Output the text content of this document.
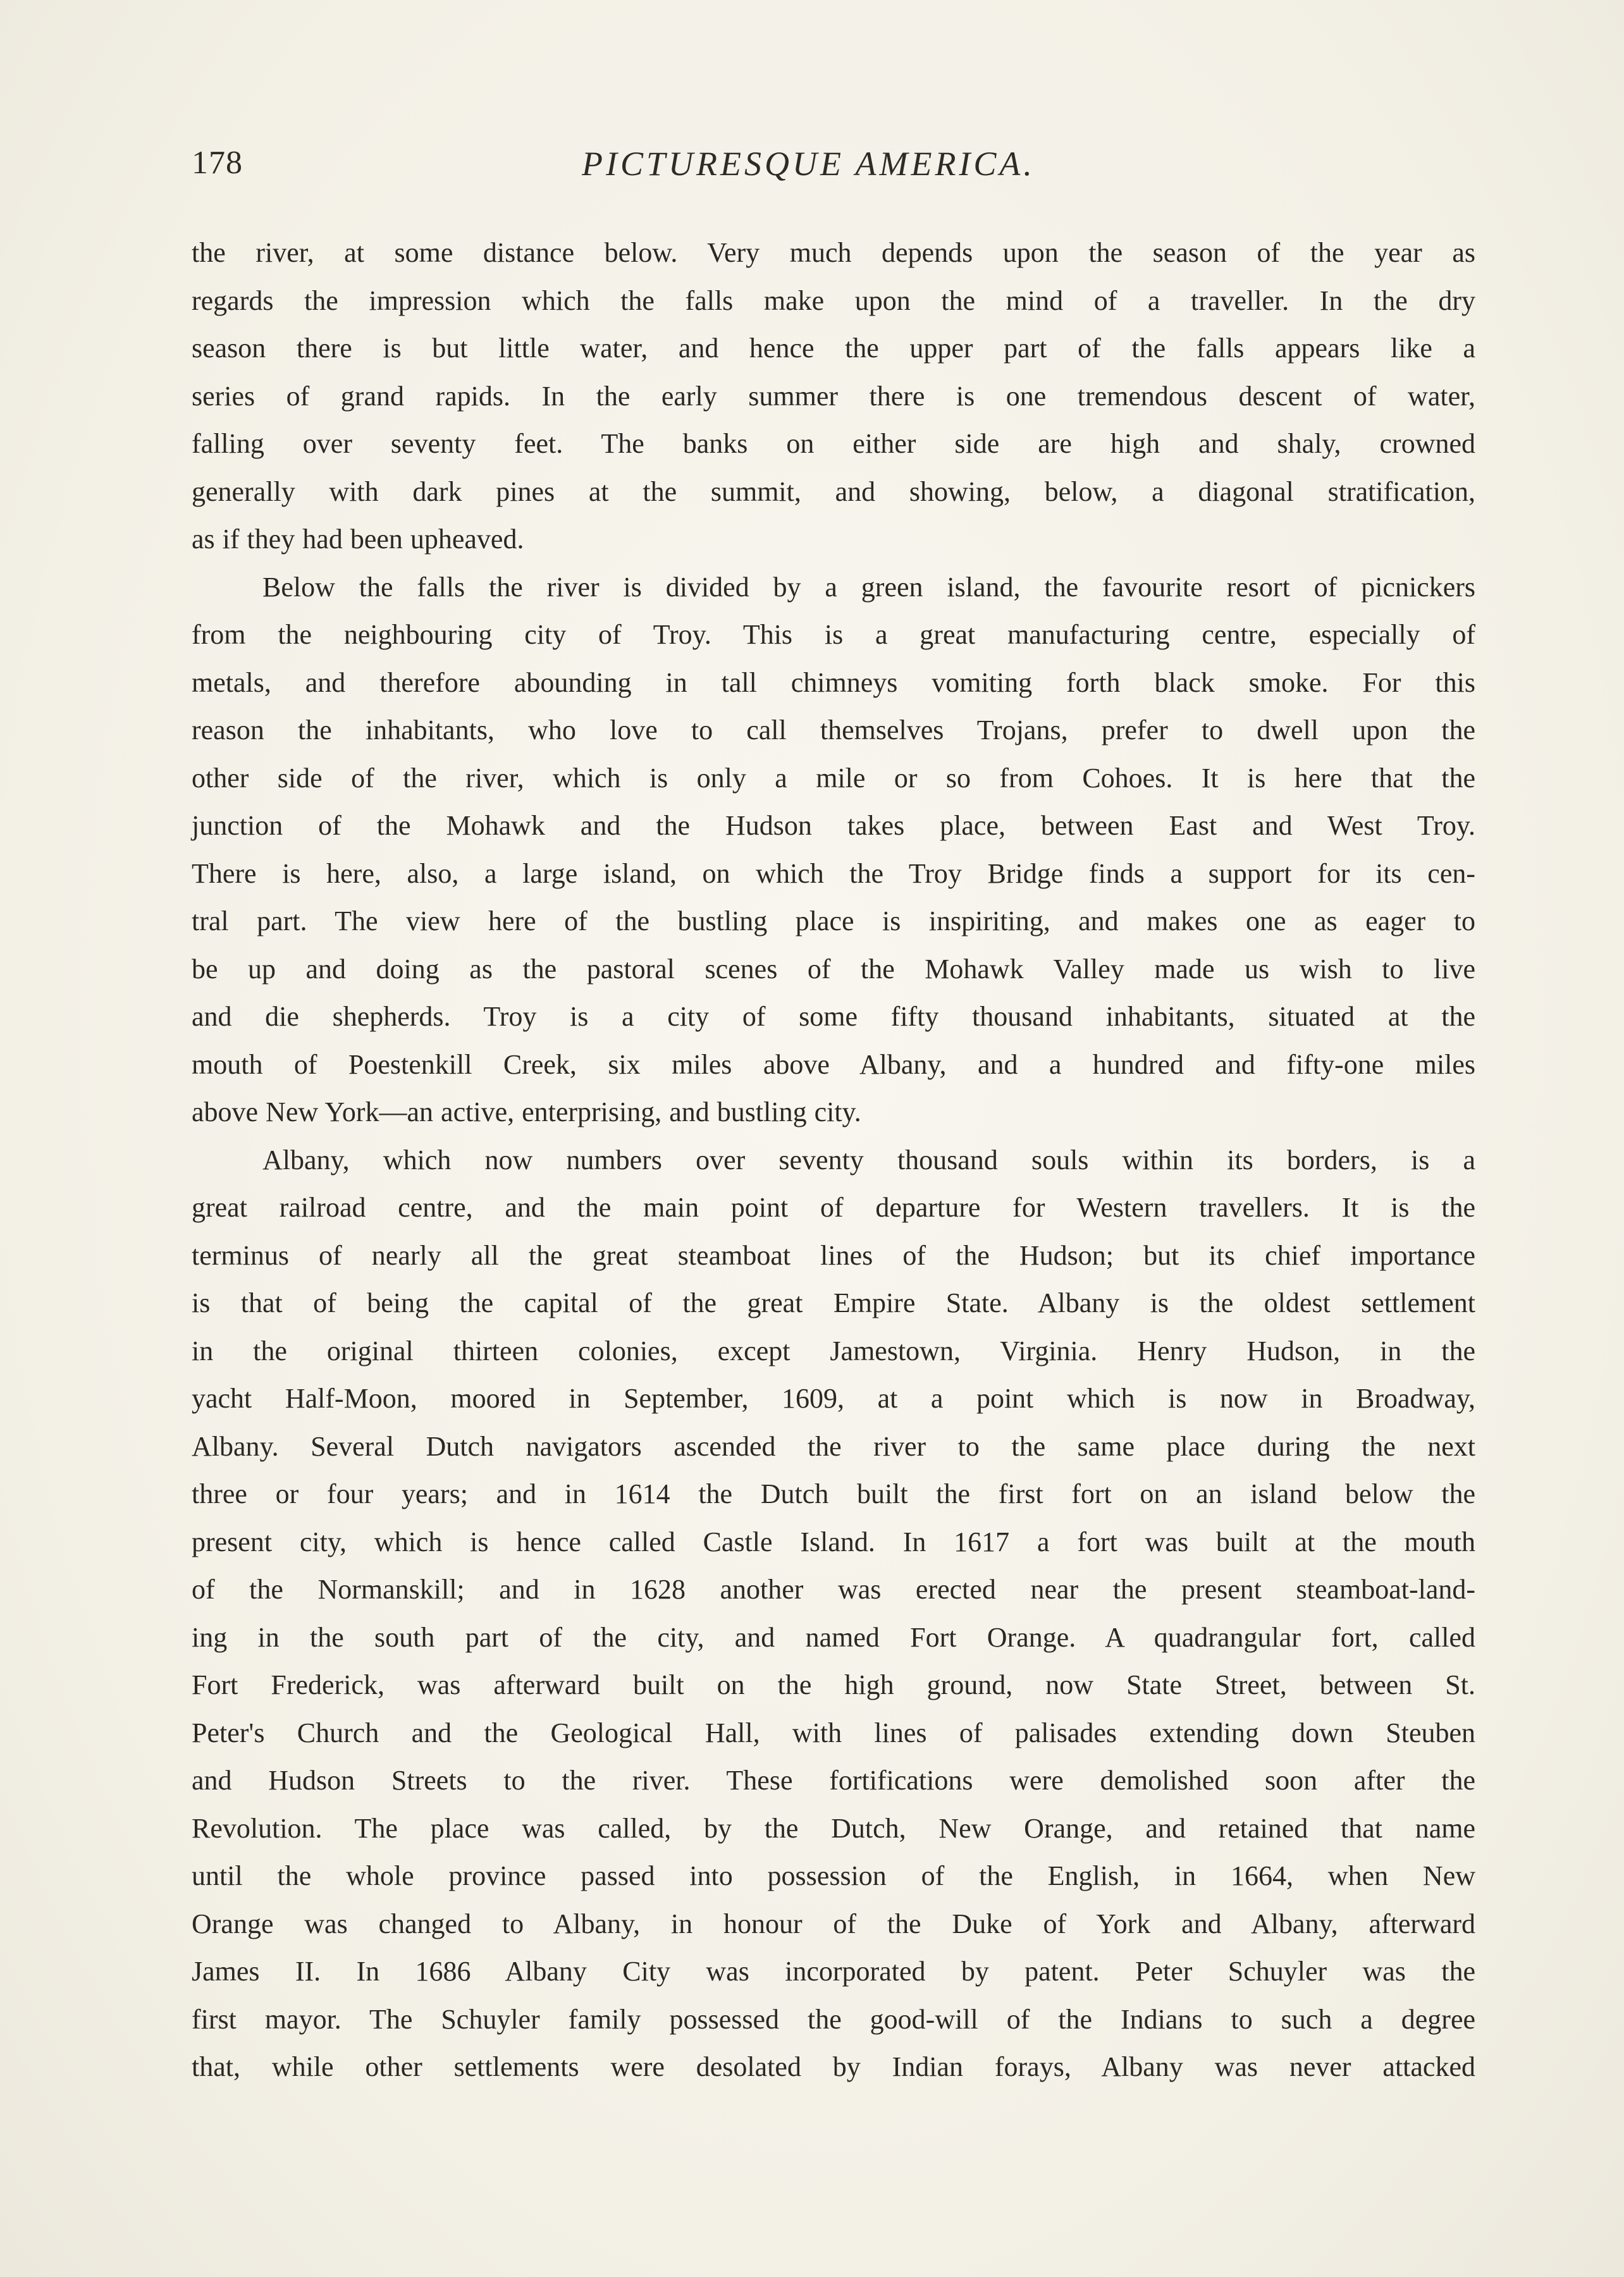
178	PICTURESQUE AMERICA.
the river, at some distance below. Very much depends upon the season of the year as
regards the impression which the falls make upon the mind of a traveller. In the dry
season there is but little water, and hence the upper part of the falls appears like a
series of grand rapids. In the early summer there is one tremendous descent of water,
falling over seventy feet. The banks on either side are high and shaly, crowned
generally with dark pines at the summit, and showing, below, a diagonal stratification,
as if they had been upheaved.
Below the falls the river is divided by a green island, the favourite resort of picnickers
from the neighbouring city of Troy. This is a great manufacturing centre, especially of
metals, and therefore abounding in tall chimneys vomiting forth black smoke. For this
reason the inhabitants, who love to call themselves Trojans, prefer to dwell upon the
other side of the river, which is only a mile or so from Cohoes. It is here that the
junction of the Mohawk and the Hudson takes place, between East and West Troy.
There is here, also, a large island, on which the Troy Bridge finds a support for its cen-
tral part. The view here of the bustling place is inspiriting, and makes one as eager to
be up and doing as the pastoral scenes of the Mohawk Valley made us wish to live
and die shepherds. Troy is a city of some fifty thousand inhabitants, situated at the
mouth of Poestenkill Creek, six miles above Albany, and a hundred and fifty-one miles
above New York—an active, enterprising, and bustling city.
Albany, which now numbers over seventy thousand souls within its borders, is a
great railroad centre, and the main point of departure for Western travellers. It is the
terminus of nearly all the great steamboat lines of the Hudson; but its chief importance
is that of being the capital of the great Empire State. Albany is the oldest settlement
in the original thirteen colonies, except Jamestown, Virginia. Henry Hudson, in the
yacht Half-Moon, moored in September, 1609, at a point which is now in Broadway,
Albany. Several Dutch navigators ascended the river to the same place during the next
three or four years; and in 1614 the Dutch built the first fort on an island below the
present city, which is hence called Castle Island. In 1617 a fort was built at the mouth
of the Normanskill; and in 1628 another was erected near the present steamboat-land-
ing in the south part of the city, and named Fort Orange. A quadrangular fort, called
Fort Frederick, was afterward built on the high ground, now State Street, between St.
Peter's Church and the Geological Hall, with lines of palisades extending down Steuben
and Hudson Streets to the river. These fortifications were demolished soon after the
Revolution. The place was called, by the Dutch, New Orange, and retained that name
until the whole province passed into possession of the English, in 1664, when New
Orange was changed to Albany, in honour of the Duke of York and Albany, afterward
James II. In 1686 Albany City was incorporated by patent. Peter Schuyler was the
first mayor. The Schuyler family possessed the good-will of the Indians to such a degree
that, while other settlements were desolated by Indian forays, Albany was never attacked
